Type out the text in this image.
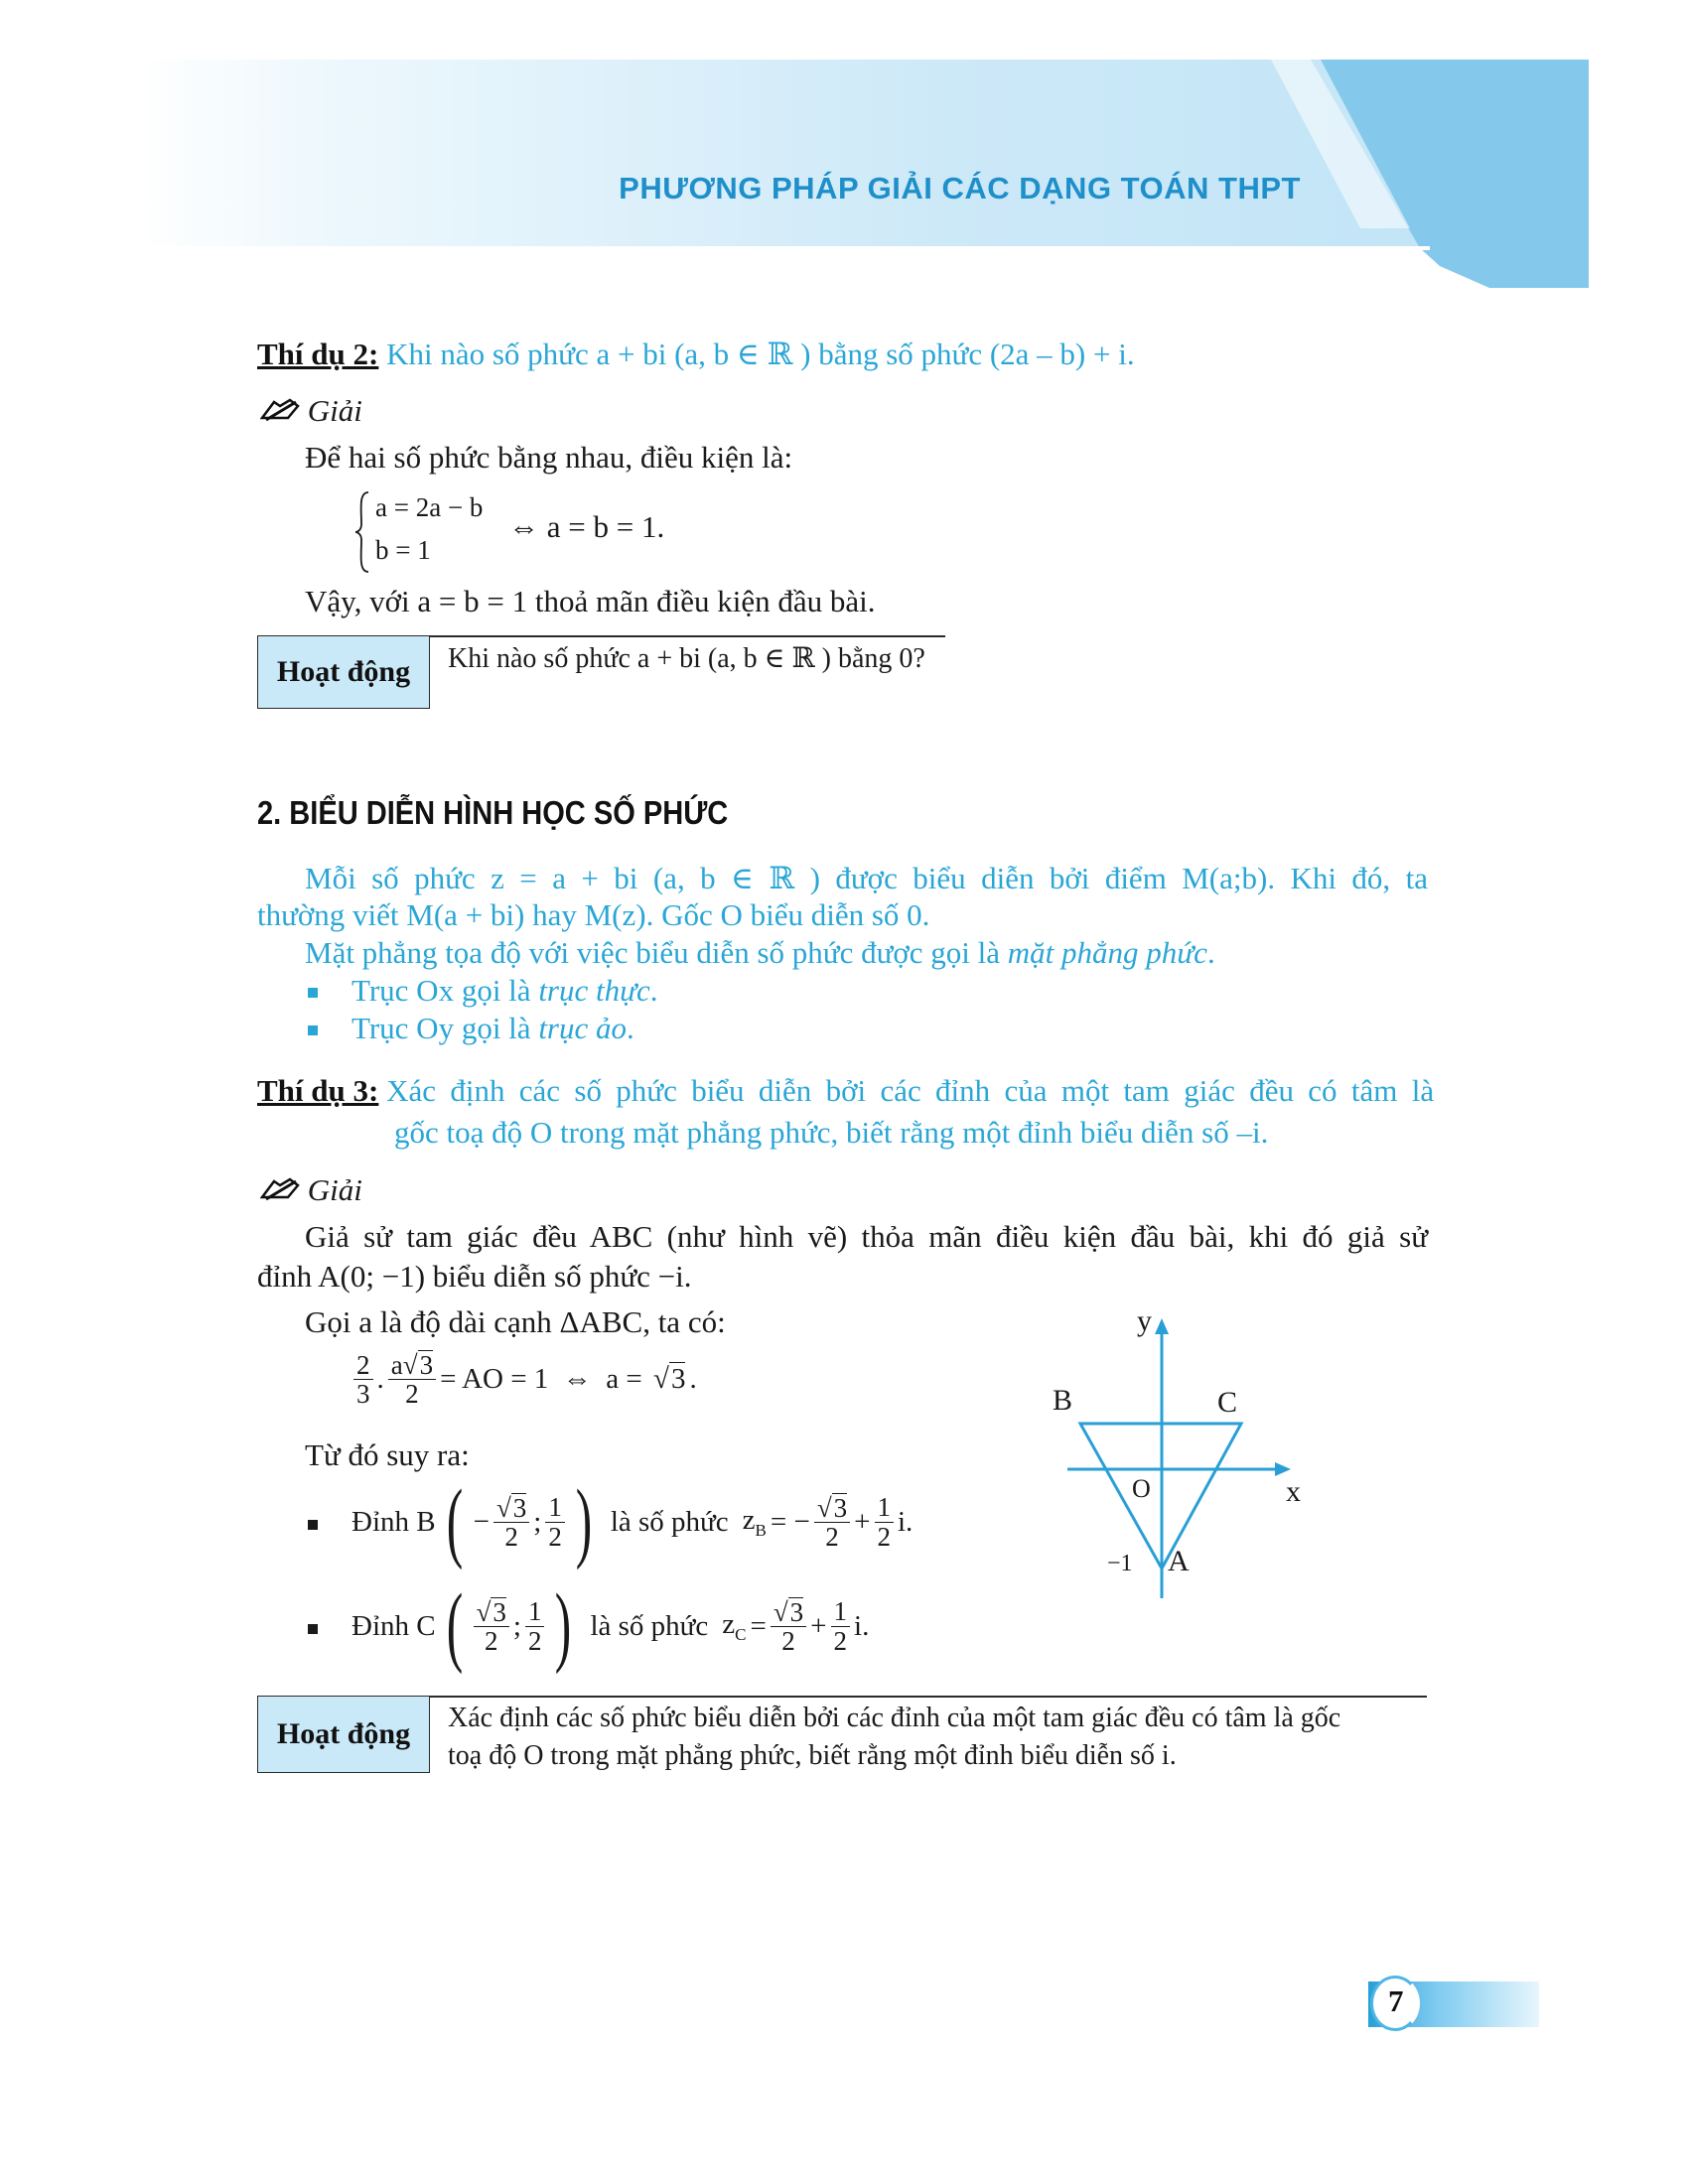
PHƯƠNG PHÁP GIẢI CÁC DẠNG TOÁN THPT
Thí dụ 2: Khi nào số phức a + bi (a, b ∈ ℝ ) bằng số phức (2a – b) + i.
Giải
Để hai số phức bằng nhau, điều kiện là:
a = 2a − b
b = 1
⇔ a = b = 1.
Vậy, với a = b = 1 thoả mãn điều kiện đầu bài.
Hoạt động	Khi nào số phức a + bi (a, b ∈ ℝ ) bằng 0?
2. BIỂU DIỄN HÌNH HỌC SỐ PHỨC
Mỗi số phức z = a + bi (a, b ∈ ℝ ) được biểu diễn bởi điểm M(a;b). Khi đó, ta
thường viết M(a + bi) hay M(z). Gốc O biểu diễn số 0.
Mặt phẳng tọa độ với việc biểu diễn số phức được gọi là mặt phẳng phức.
Trục Ox gọi là trục thực.
Trục Oy gọi là trục ảo.
Thí dụ 3: Xác định các số phức biểu diễn bởi các đỉnh của một tam giác đều có tâm là
gốc toạ độ O trong mặt phẳng phức, biết rằng một đỉnh biểu diễn số –i.
Giải
Giả sử tam giác đều ABC (như hình vẽ) thỏa mãn điều kiện đầu bài, khi đó giả sử
đỉnh A(0; −1) biểu diễn số phức −i.
Gọi a là độ dài cạnh ΔABC, ta có:
$\frac{2}{3}$ . $\frac{a√3}{2}$ = AO = 1  ⇔  a = √3 .
Từ đó suy ra:
Đỉnh B ( − $\frac{√3}{2}$ ; $\frac{1}{2}$ ) là số phức $z_B$ = − $\frac{√3}{2} + \frac{1}{2} i$.
Đỉnh C ( $\frac{√3}{2}$ ; $\frac{1}{2}$ ) là số phức $z_C = \frac{√3}{2} + \frac{1}{2} i$.
y
x
B	C
O
A
−1
Hoạt động	Xác định các số phức biểu diễn bởi các đỉnh của một tam giác đều có tâm là gốc
toạ độ O trong mặt phẳng phức, biết rằng một đỉnh biểu diễn số i.
7
